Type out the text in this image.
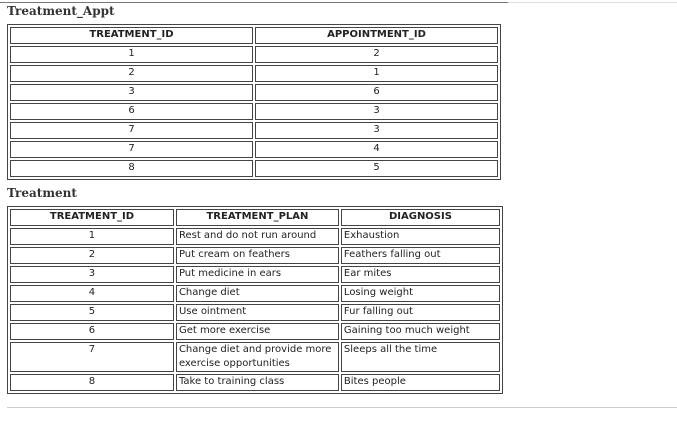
Treatment_Appt
TREATMENT_ID	APPOINTMENT_ID
1	2
2	1
3	6
6	3
7	3
7	4
8	5
Treatment
TREATMENT_ID	TREATMENT_PLAN	DIAGNOSIS
1	Rest and do not run around	Exhaustion
2	Put cream on feathers	Feathers falling out
3	Put medicine in ears	Ear mites
4	Change diet	Losing weight
5	Use ointment	Fur falling out
6	Get more exercise	Gaining too much weight
7	Change diet and provide more exercise opportunities	Sleeps all the time
8	Take to training class	Bites people
